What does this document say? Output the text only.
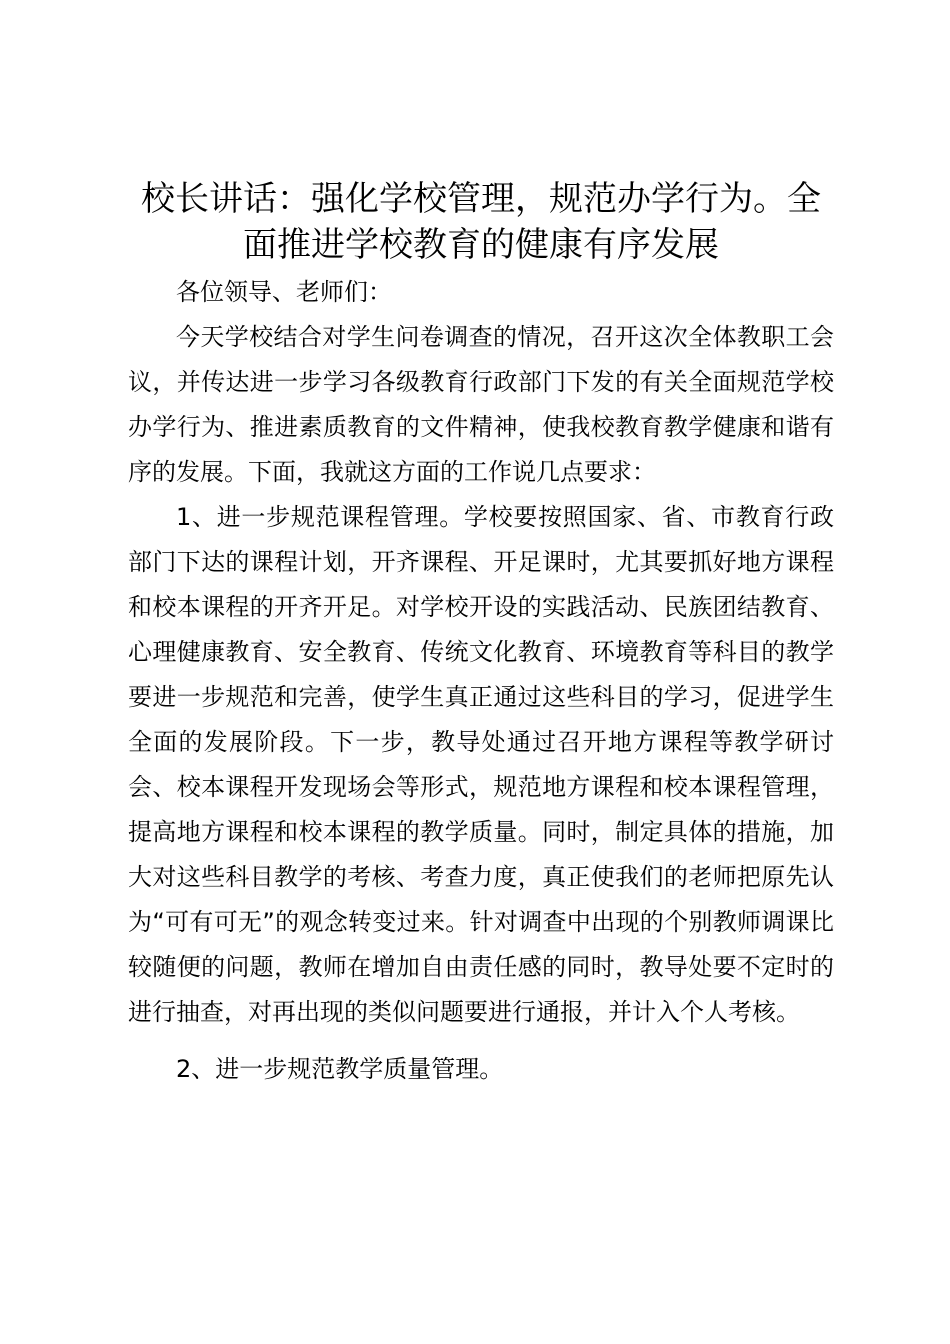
校长讲话：强化学校管理，规范办学行为。全面推进学校教育的健康有序发展

各位领导、老师们：

今天学校结合对学生问卷调查的情况，召开这次全体教职工会议，并传达进一步学习各级教育行政部门下发的有关全面规范学校办学行为、推进素质教育的文件精神，使我校教育教学健康和谐有序的发展。下面，我就这方面的工作说几点要求：

1、进一步规范课程管理。学校要按照国家、省、市教育行政部门下达的课程计划，开齐课程、开足课时，尤其要抓好地方课程和校本课程的开齐开足。对学校开设的实践活动、民族团结教育、心理健康教育、安全教育、传统文化教育、环境教育等科目的教学要进一步规范和完善，使学生真正通过这些科目的学习，促进学生全面的发展阶段。下一步，教导处通过召开地方课程等教学研讨会、校本课程开发现场会等形式，规范地方课程和校本课程管理，提高地方课程和校本课程的教学质量。同时，制定具体的措施，加大对这些科目教学的考核、考查力度，真正使我们的老师把原先认为“可有可无”的观念转变过来。针对调查中出现的个别教师调课比较随便的问题，教师在增加自由责任感的同时，教导处要不定时的进行抽查，对再出现的类似问题要进行通报，并计入个人考核。

2、进一步规范教学质量管理。
